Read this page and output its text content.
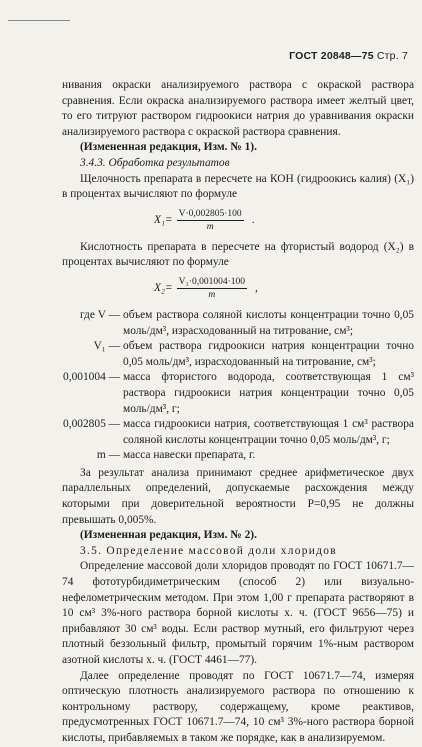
ГОСТ 20848—75 Стр. 7

нивания окраски анализируемого раствора с окраской раствора сравнения. Если окраска анализируемого раствора имеет желтый цвет, то его титруют раствором гидроокиси натрия до уравнивания окраски анализируемого раствора с окраской раствора сравнения.

(Измененная редакция, Изм. № 1).

3.4.3. Обработка результатов

Щелочность препарата в пересчете на КОН (гидроокись калия) (X₁) в процентах вычисляют по формуле

$X_1= \frac{V\cdot 0,002805\cdot 100}{m}$ .

Кислотность препарата в пересчете на фтористый водород (X₂) в процентах вычисляют по формуле

$X_2= \frac{\text{V₁·0,001004·100}}{m}$ ,
где V — объем раствора соляной кислоты концентрации точно 0,05 моль/дм³, израсходованный на титрование, см³;
V₁ — объем раствора гидроокиси натрия концентрации точно 0,05 моль/дм³, израсходованный на титрование, см³;
0,001004 — масса фтористого водорода, соответствующая 1 см³ раствора гидроокиси натрия концентрации точно 0,05 моль/дм³, г;
0,002805 — масса гидроокиси натрия, соответствующая 1 см³ раствора соляной кислоты концентрации точно 0,05 моль/дм³, г;
m — масса навески препарата, г.

За результат анализа принимают среднее арифметическое двух параллельных определений, допускаемые расхождения между которыми при доверительной вероятности P=0,95 не должны превышать 0,005%.

(Измененная редакция, Изм. № 2).

3.5. Определение массовой доли хлоридов

Определение массовой доли хлоридов проводят по ГОСТ 10671.7—74 фототурбидиметрическим (способ 2) или визуально-нефелометрическим методом. При этом 1,00 г препарата растворяют в 10 см³ 3%-ного раствора борной кислоты х. ч. (ГОСТ 9656—75) и прибавляют 30 см³ воды. Если раствор мутный, его фильтруют через плотный беззольный фильтр, промытый горячим 1%-ным раствором азотной кислоты х. ч. (ГОСТ 4461—77).

Далее определение проводят по ГОСТ 10671.7—74, измеряя оптическую плотность анализируемого раствора по отношению к контрольному раствору, содержащему, кроме реактивов, предусмотренных ГОСТ 10671.7—74, 10 см³ 3%-ного раствора борной кислоты, прибавляемых в таком же порядке, как в анализируемом.
